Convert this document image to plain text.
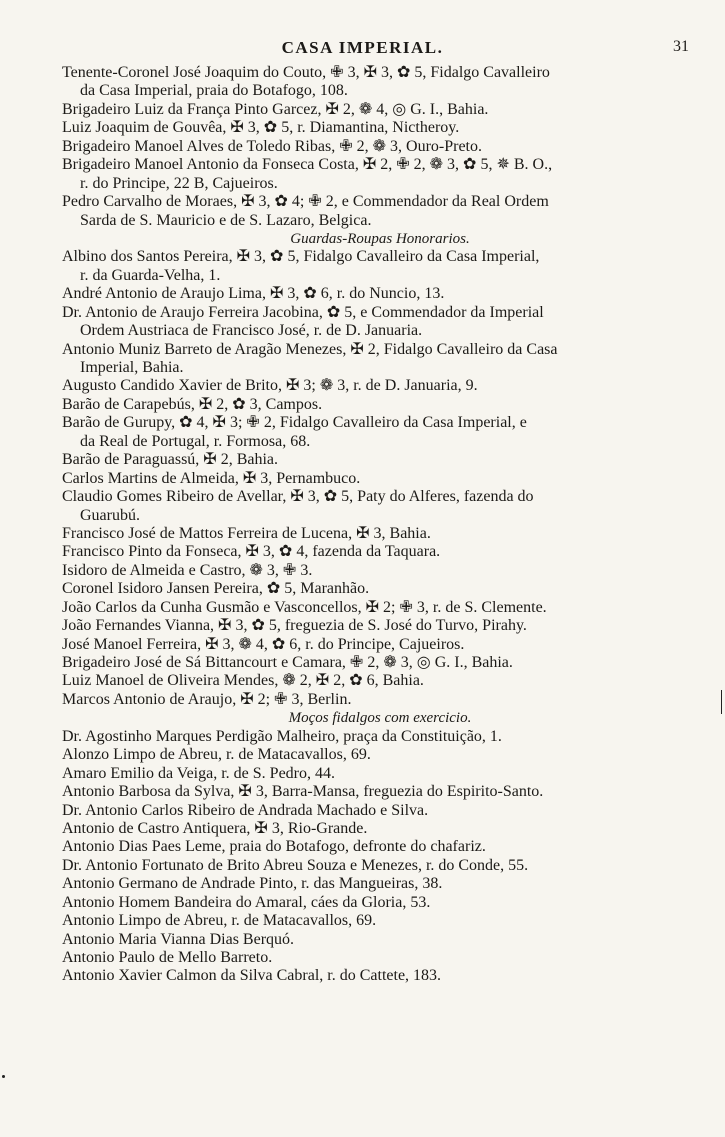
CASA IMPERIAL.	31
Tenente-Coronel José Joaquim do Couto, ✙ 3, ✠ 3, ✿ 5, Fidalgo Cavalleiro
da Casa Imperial, praia do Botafogo, 108.
Brigadeiro Luiz da França Pinto Garcez, ✠ 2, ❁ 4, ◎ G. I., Bahia.
Luiz Joaquim de Gouvêa, ✠ 3, ✿ 5, r. Diamantina, Nictheroy.
Brigadeiro Manoel Alves de Toledo Ribas, ✙ 2, ❁ 3, Ouro-Preto.
Brigadeiro Manoel Antonio da Fonseca Costa, ✠ 2, ✙ 2, ❁ 3, ✿ 5, ✵ B. O.,
r. do Principe, 22 B, Cajueiros.
Pedro Carvalho de Moraes, ✠ 3, ✿ 4; ✙ 2, e Commendador da Real Ordem
Sarda de S. Mauricio e de S. Lazaro, Belgica.
Guardas-Roupas Honorarios.
Albino dos Santos Pereira, ✠ 3, ✿ 5, Fidalgo Cavalleiro da Casa Imperial,
r. da Guarda-Velha, 1.
André Antonio de Araujo Lima, ✠ 3, ✿ 6, r. do Nuncio, 13.
Dr. Antonio de Araujo Ferreira Jacobina, ✿ 5, e Commendador da Imperial
Ordem Austriaca de Francisco José, r. de D. Januaria.
Antonio Muniz Barreto de Aragão Menezes, ✠ 2, Fidalgo Cavalleiro da Casa
Imperial, Bahia.
Augusto Candido Xavier de Brito, ✠ 3; ❁ 3, r. de D. Januaria, 9.
Barão de Carapebús, ✠ 2, ✿ 3, Campos.
Barão de Gurupy, ✿ 4, ✠ 3; ✙ 2, Fidalgo Cavalleiro da Casa Imperial, e
da Real de Portugal, r. Formosa, 68.
Barão de Paraguassú, ✠ 2, Bahia.
Carlos Martins de Almeida, ✠ 3, Pernambuco.
Claudio Gomes Ribeiro de Avellar, ✠ 3, ✿ 5, Paty do Alferes, fazenda do
Guarubú.
Francisco José de Mattos Ferreira de Lucena, ✠ 3, Bahia.
Francisco Pinto da Fonseca, ✠ 3, ✿ 4, fazenda da Taquara.
Isidoro de Almeida e Castro, ❁ 3, ✙ 3.
Coronel Isidoro Jansen Pereira, ✿ 5, Maranhão.
João Carlos da Cunha Gusmão e Vasconcellos, ✠ 2; ✙ 3, r. de S. Clemente.
João Fernandes Vianna, ✠ 3, ✿ 5, freguezia de S. José do Turvo, Pirahy.
José Manoel Ferreira, ✠ 3, ❁ 4, ✿ 6, r. do Principe, Cajueiros.
Brigadeiro José de Sá Bittancourt e Camara, ✙ 2, ❁ 3, ◎ G. I., Bahia.
Luiz Manoel de Oliveira Mendes, ❁ 2, ✠ 2, ✿ 6, Bahia.
Marcos Antonio de Araujo, ✠ 2; ✙ 3, Berlin.
Moços fidalgos com exercicio.
Dr. Agostinho Marques Perdigão Malheiro, praça da Constituição, 1.
Alonzo Limpo de Abreu, r. de Matacavallos, 69.
Amaro Emilio da Veiga, r. de S. Pedro, 44.
Antonio Barbosa da Sylva, ✠ 3, Barra-Mansa, freguezia do Espirito-Santo.
Dr. Antonio Carlos Ribeiro de Andrada Machado e Silva.
Antonio de Castro Antiquera, ✠ 3, Rio-Grande.
Antonio Dias Paes Leme, praia do Botafogo, defronte do chafariz.
Dr. Antonio Fortunato de Brito Abreu Souza e Menezes, r. do Conde, 55.
Antonio Germano de Andrade Pinto, r. das Mangueiras, 38.
Antonio Homem Bandeira do Amaral, cáes da Gloria, 53.
Antonio Limpo de Abreu, r. de Matacavallos, 69.
Antonio Maria Vianna Dias Berquó.
Antonio Paulo de Mello Barreto.
Antonio Xavier Calmon da Silva Cabral, r. do Cattete, 183.
